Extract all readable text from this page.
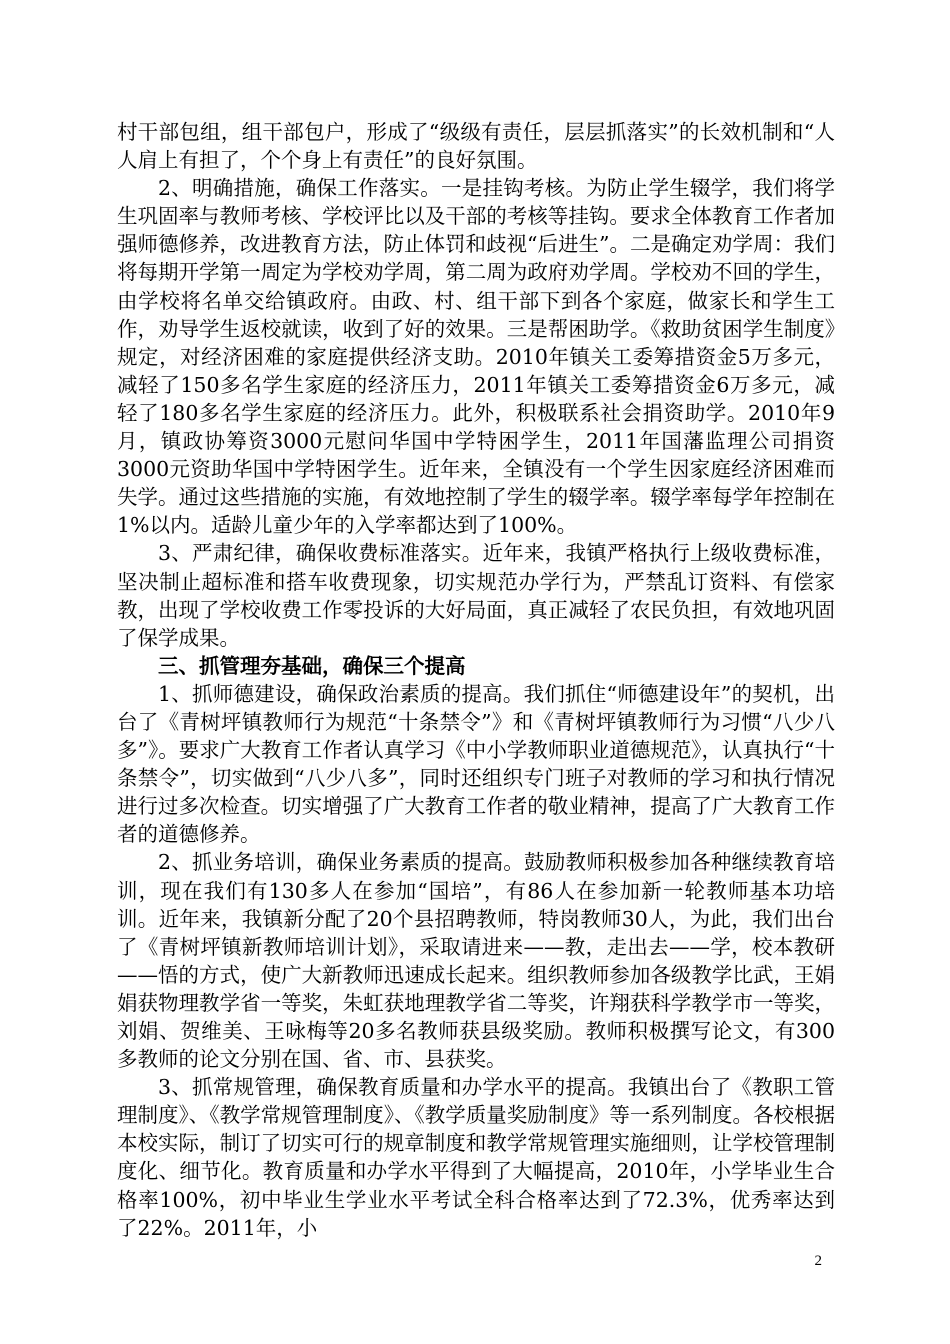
村干部包组，组干部包户，形成了“级级有责任，层层抓落实”的长效机制和“人人肩上有担了，个个身上有责任”的良好氛围。

2、明确措施，确保工作落实。一是挂钩考核。为防止学生辍学，我们将学生巩固率与教师考核、学校评比以及干部的考核等挂钩。要求全体教育工作者加强师德修养，改进教育方法，防止体罚和歧视“后进生”。二是确定劝学周：我们将每期开学第一周定为学校劝学周，第二周为政府劝学周。学校劝不回的学生，由学校将名单交给镇政府。由政、村、组干部下到各个家庭，做家长和学生工作，劝导学生返校就读，收到了好的效果。三是帮困助学。《救助贫困学生制度》规定，对经济困难的家庭提供经济支助。2010年镇关工委筹措资金5万多元，减轻了150多名学生家庭的经济压力，2011年镇关工委筹措资金6万多元，减轻了180多名学生家庭的经济压力。此外，积极联系社会捐资助学。2010年9月，镇政协筹资3000元慰问华国中学特困学生，2011年国藩监理公司捐资3000元资助华国中学特困学生。近年来，全镇没有一个学生因家庭经济困难而失学。通过这些措施的实施，有效地控制了学生的辍学率。辍学率每学年控制在1%以内。适龄儿童少年的入学率都达到了100%。

3、严肃纪律，确保收费标准落实。近年来，我镇严格执行上级收费标准，坚决制止超标准和搭车收费现象，切实规范办学行为，严禁乱订资料、有偿家教，出现了学校收费工作零投诉的大好局面，真正减轻了农民负担，有效地巩固了保学成果。

三、抓管理夯基础，确保三个提高

1、抓师德建设，确保政治素质的提高。我们抓住“师德建设年”的契机，出台了《青树坪镇教师行为规范“十条禁令”》和《青树坪镇教师行为习惯“八少八多”》。要求广大教育工作者认真学习《中小学教师职业道德规范》，认真执行“十条禁令”，切实做到“八少八多”，同时还组织专门班子对教师的学习和执行情况进行过多次检查。切实增强了广大教育工作者的敬业精神，提高了广大教育工作者的道德修养。

2、抓业务培训，确保业务素质的提高。鼓励教师积极参加各种继续教育培训，现在我们有130多人在参加“国培”，有86人在参加新一轮教师基本功培训。近年来，我镇新分配了20个县招聘教师，特岗教师30人，为此，我们出台了《青树坪镇新教师培训计划》，采取请进来——教，走出去——学，校本教研——悟的方式，使广大新教师迅速成长起来。组织教师参加各级教学比武，王娟娟获物理教学省一等奖，朱虹获地理教学省二等奖，许翔获科学教学市一等奖，刘娟、贺维美、王咏梅等20多名教师获县级奖励。教师积极撰写论文，有300多教师的论文分别在国、省、市、县获奖。

3、抓常规管理，确保教育质量和办学水平的提高。我镇出台了《教职工管理制度》、《教学常规管理制度》、《教学质量奖励制度》等一系列制度。各校根据本校实际，制订了切实可行的规章制度和教学常规管理实施细则，让学校管理制度化、细节化。教育质量和办学水平得到了大幅提高，2010年，小学毕业生合格率100%，初中毕业生学业水平考试全科合格率达到了72.3%，优秀率达到了22%。2011年，小

2
